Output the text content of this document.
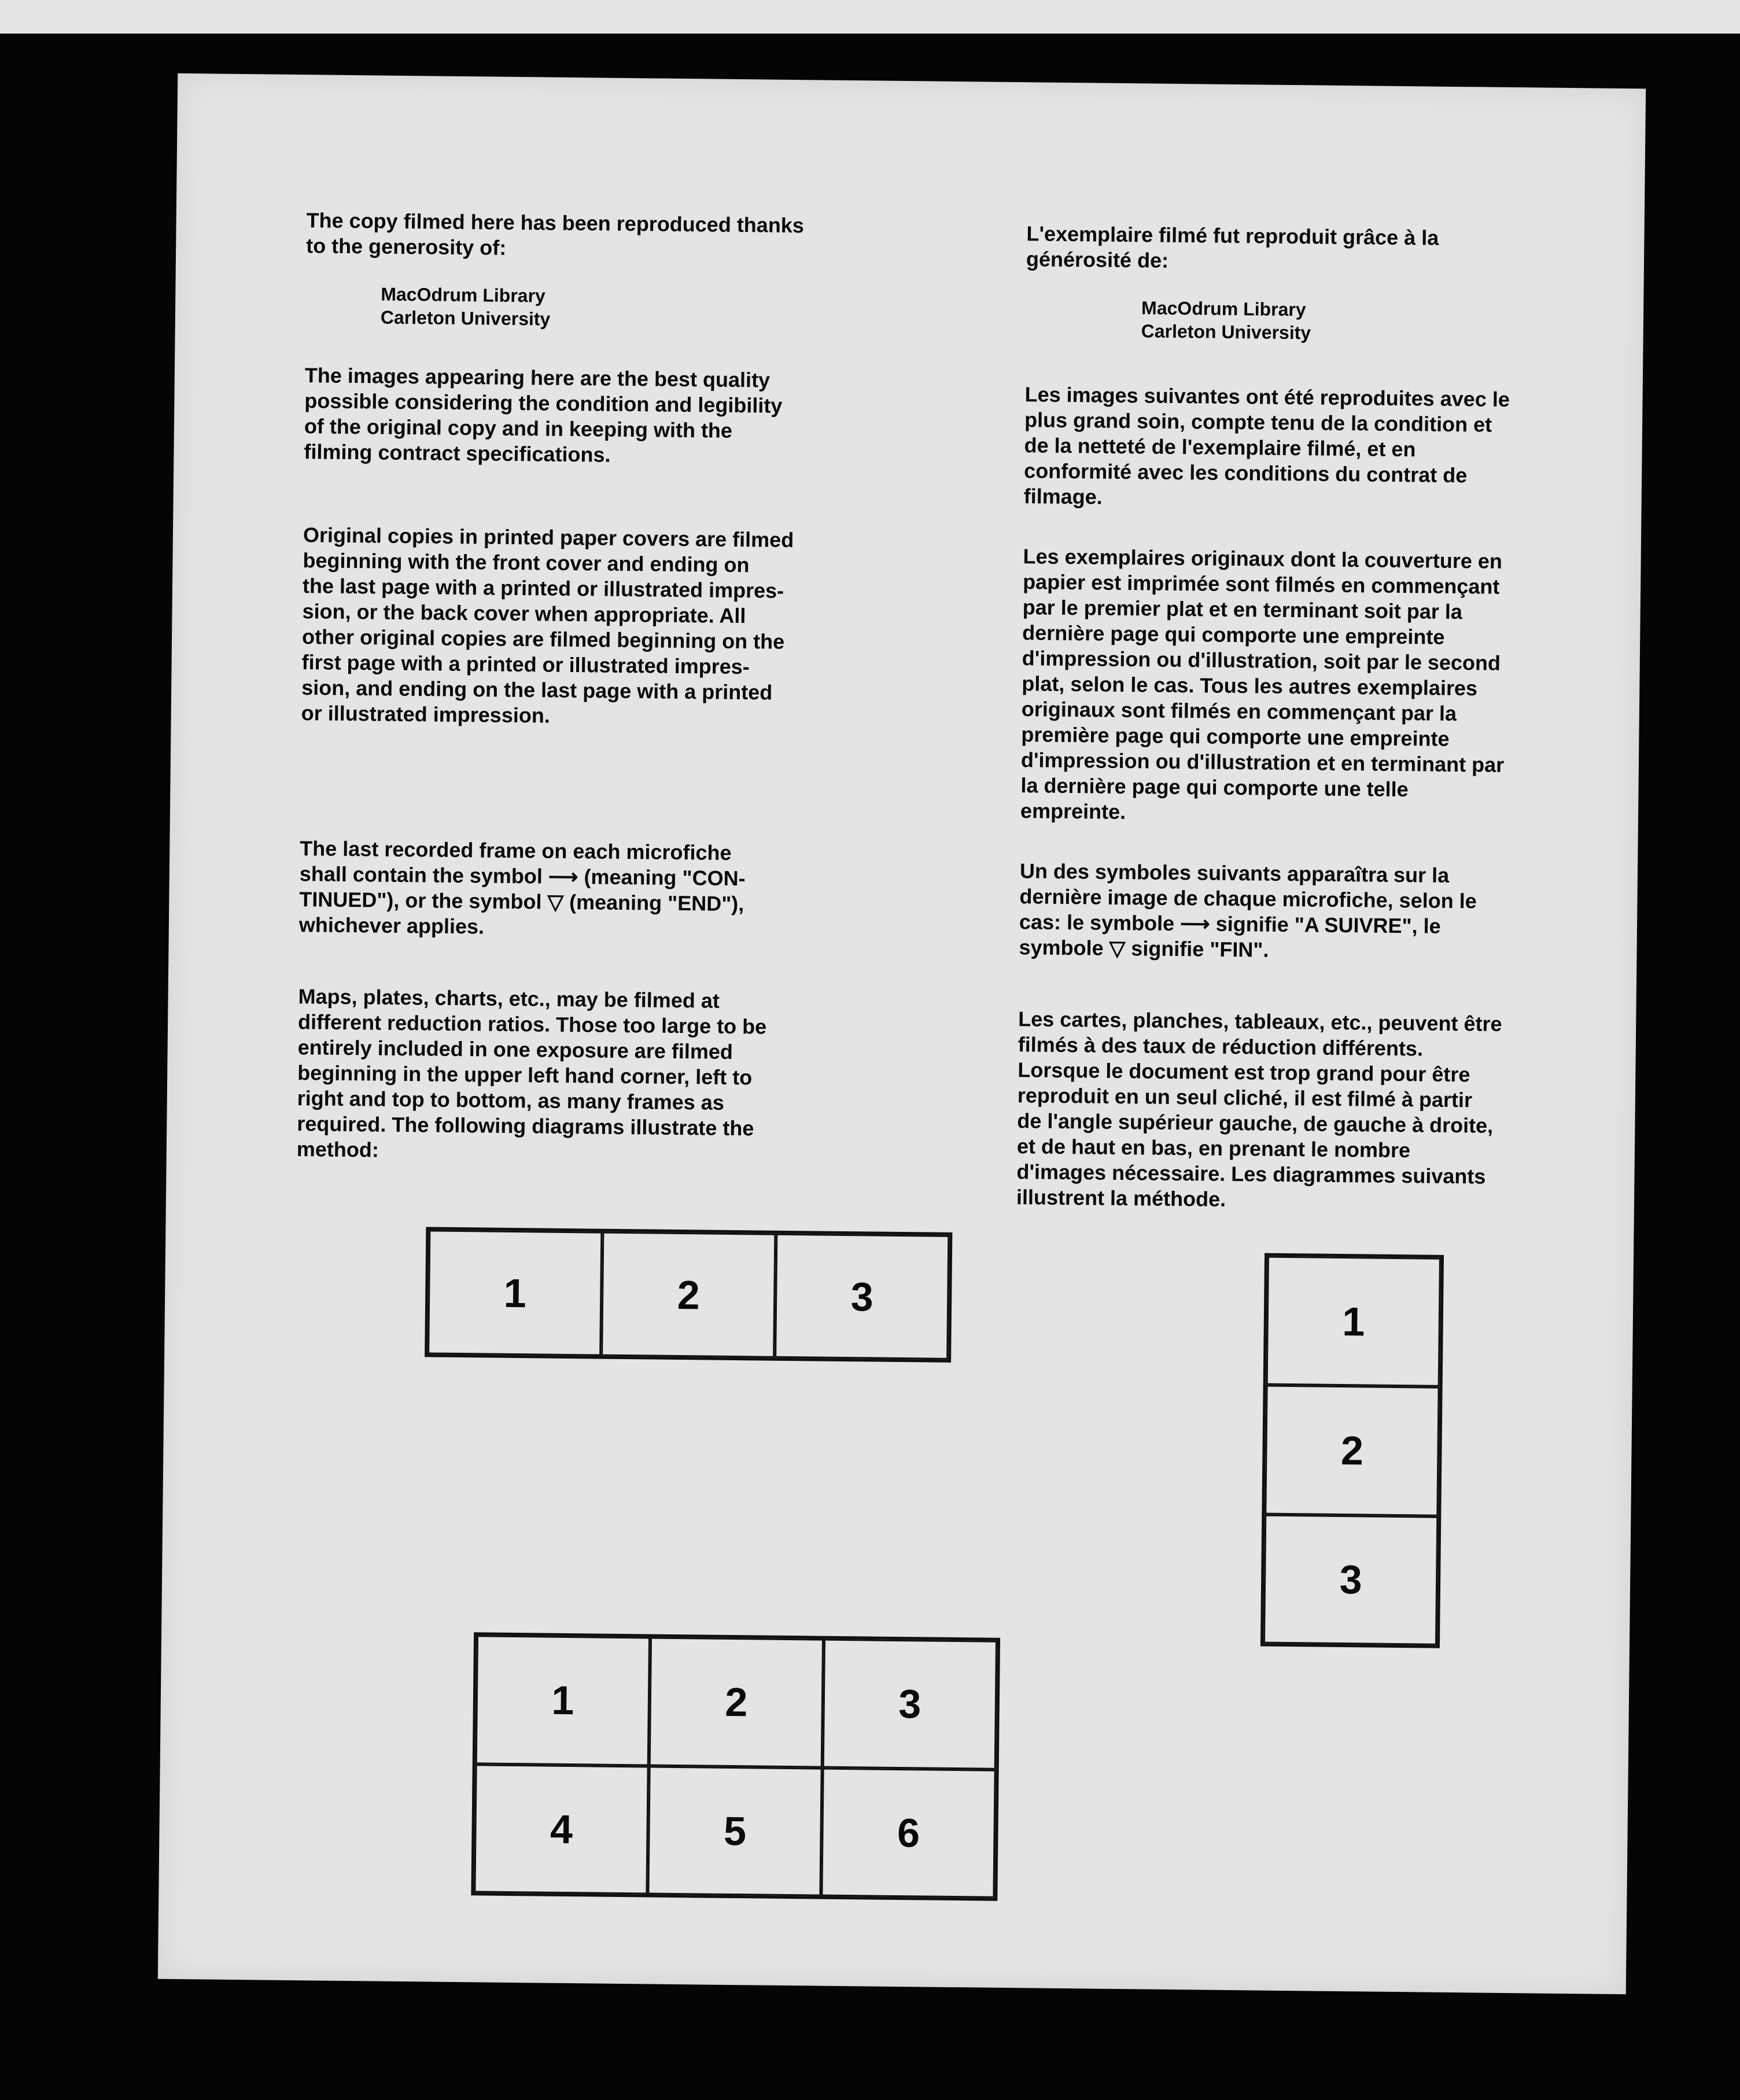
The copy filmed here has been reproduced thanks
to the generosity of:

MacOdrum Library
Carleton University

The images appearing here are the best quality
possible considering the condition and legibility
of the original copy and in keeping with the
filming contract specifications.

Original copies in printed paper covers are filmed
beginning with the front cover and ending on
the last page with a printed or illustrated impres-
sion, or the back cover when appropriate. All
other original copies are filmed beginning on the
first page with a printed or illustrated impres-
sion, and ending on the last page with a printed
or illustrated impression.

The last recorded frame on each microfiche
shall contain the symbol ⟶ (meaning "CON-
TINUED"), or the symbol ▽ (meaning "END"),
whichever applies.

Maps, plates, charts, etc., may be filmed at
different reduction ratios. Those too large to be
entirely included in one exposure are filmed
beginning in the upper left hand corner, left to
right and top to bottom, as many frames as
required. The following diagrams illustrate the
method:

L'exemplaire filmé fut reproduit grâce à la
générosité de:

MacOdrum Library
Carleton University

Les images suivantes ont été reproduites avec le
plus grand soin, compte tenu de la condition et
de la netteté de l'exemplaire filmé, et en
conformité avec les conditions du contrat de
filmage.

Les exemplaires originaux dont la couverture en
papier est imprimée sont filmés en commençant
par le premier plat et en terminant soit par la
dernière page qui comporte une empreinte
d'impression ou d'illustration, soit par le second
plat, selon le cas. Tous les autres exemplaires
originaux sont filmés en commençant par la
première page qui comporte une empreinte
d'impression ou d'illustration et en terminant par
la dernière page qui comporte une telle
empreinte.

Un des symboles suivants apparaîtra sur la
dernière image de chaque microfiche, selon le
cas: le symbole ⟶ signifie "A SUIVRE", le
symbole ▽ signifie "FIN".

Les cartes, planches, tableaux, etc., peuvent être
filmés à des taux de réduction différents.
Lorsque le document est trop grand pour être
reproduit en un seul cliché, il est filmé à partir
de l'angle supérieur gauche, de gauche à droite,
et de haut en bas, en prenant le nombre
d'images nécessaire. Les diagrammes suivants
illustrent la méthode.

1	2	3
1
2
3
1	2	3
4	5	6
